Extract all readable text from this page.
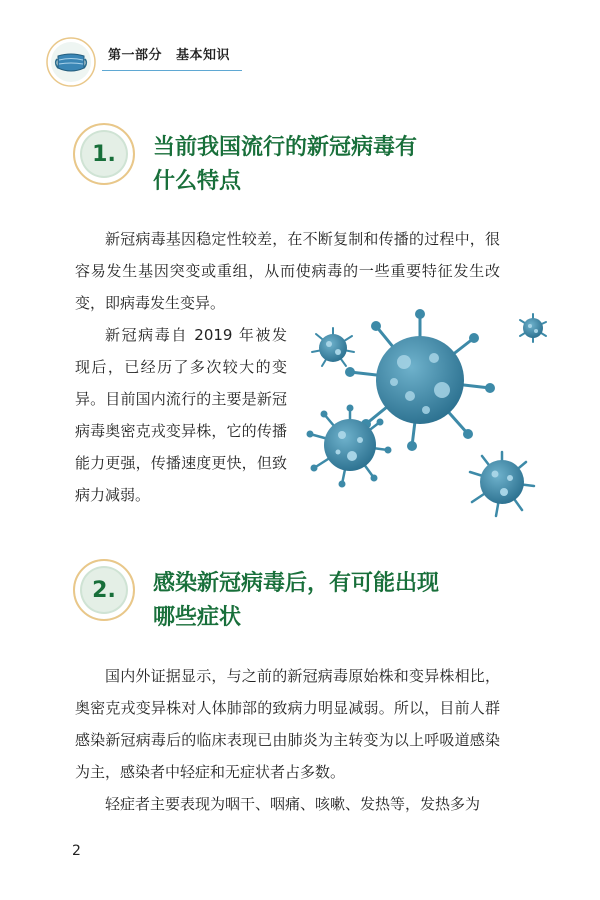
第一部分 基本知识
1. 当前我国流行的新冠病毒有
什么特点

新冠病毒基因稳定性较差，在不断复制和传播的过程中，很容易发生基因突变或重组，从而使病毒的一些重要特征发生改变，即病毒发生变异。

新冠病毒自 2019 年被发现后，已经历了多次较大的变异。目前国内流行的主要是新冠病毒奥密克戎变异株，它的传播能力更强，传播速度更快，但致病力减弱。

2. 感染新冠病毒后，有可能出现
哪些症状

国内外证据显示，与之前的新冠病毒原始株和变异株相比，奥密克戎变异株对人体肺部的致病力明显减弱。所以，目前人群感染新冠病毒后的临床表现已由肺炎为主转变为以上呼吸道感染为主，感染者中轻症和无症状者占多数。

轻症者主要表现为咽干、咽痛、咳嗽、发热等，发热多为

2
